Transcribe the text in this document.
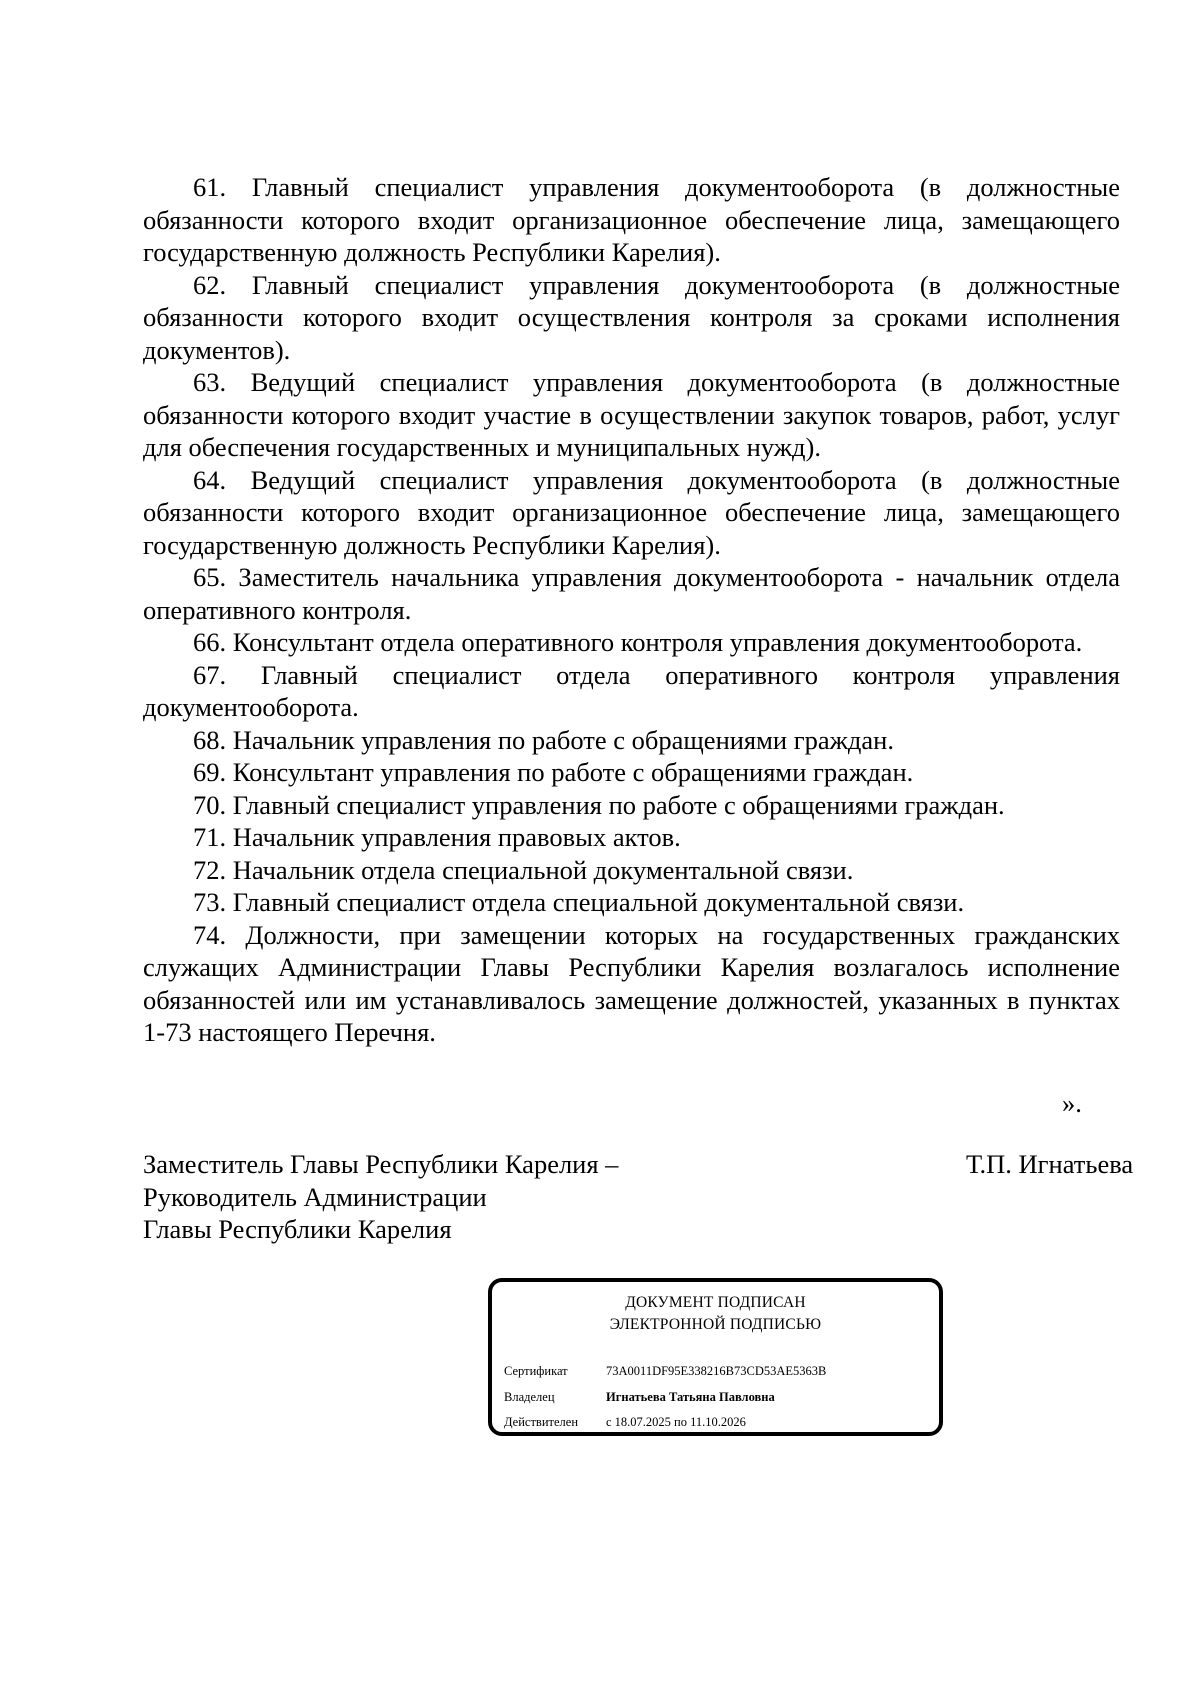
61. Главный специалист управления документооборота (в должностные обязанности которого входит организационное обеспечение лица, замещающего государственную должность Республики Карелия).

62. Главный специалист управления документооборота (в должностные обязанности которого входит осуществления контроля за сроками исполнения документов).

63. Ведущий специалист управления документооборота (в должностные обязанности которого входит участие в осуществлении закупок товаров, работ, услуг для обеспечения государственных и муниципальных нужд).

64. Ведущий специалист управления документооборота (в должностные обязанности которого входит организационное обеспечение лица, замещающего государственную должность Республики Карелия).

65. Заместитель начальника управления документооборота - начальник отдела оперативного контроля.

66. Консультант отдела оперативного контроля управления документооборота.

67. Главный специалист отдела оперативного контроля управления документооборота.

68. Начальник управления по работе с обращениями граждан.

69. Консультант управления по работе с обращениями граждан.

70. Главный специалист управления по работе с обращениями граждан.

71. Начальник управления правовых актов.

72. Начальник отдела специальной документальной связи.

73. Главный специалист отдела специальной документальной связи.

74. Должности, при замещении которых на государственных гражданских служащих Администрации Главы Республики Карелия возлагалось исполнение обязанностей или им устанавливалось замещение должностей, указанных в пунктах 1-73 настоящего Перечня.

».
Заместитель Главы Республики Карелия –
Руководитель Администрации
Главы Республики Карелия
Т.П. Игнатьева
ДОКУМЕНТ ПОДПИСАН
ЭЛЕКТРОННОЙ ПОДПИСЬЮ
Сертификат	73A0011DF95E338216B73CD53AE5363B
Владелец	Игнатьева Татьяна Павловна
Действителен с 18.07.2025 по 11.10.2026
